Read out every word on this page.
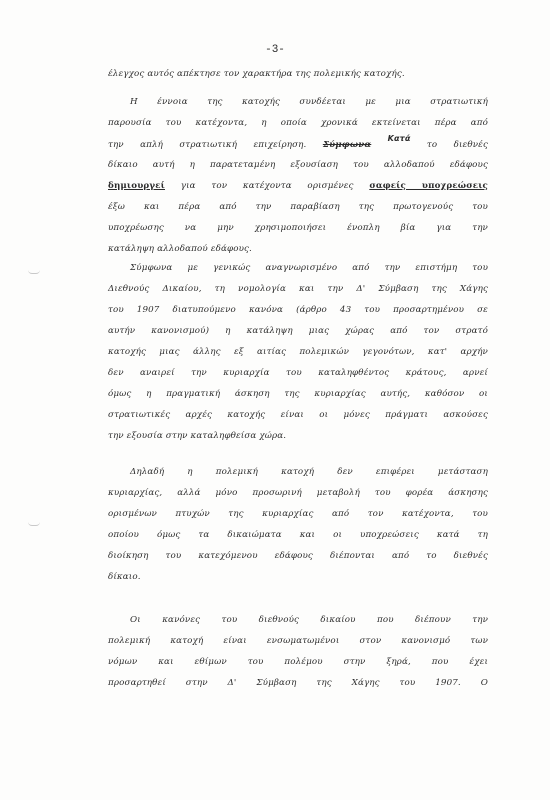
-3-
έλεγχος αυτός απέκτησε τον χαρακτήρα της πολεμικής κατοχής.
Η έννοια της κατοχής συνδέεται με μια στρατιωτική
παρουσία του κατέχοντα, η οποία χρονικά εκτείνεται πέρα από
την απλή στρατιωτική επιχείρηση. Σύμφωνα Κατά το διεθνές
δίκαιο αυτή η παρατεταμένη εξουσίαση του αλλοδαπού εδάφους
δημιουργεί για τον κατέχοντα ορισμένες σαφείς υποχρεώσεις
έξω και πέρα από την παραβίαση της πρωτογενούς του
υποχρέωσης να μην χρησιμοποιήσει ένοπλη βία για την
κατάληψη αλλοδαπού εδάφους.
Σύμφωνα με γενικώς αναγνωρισμένο από την επιστήμη του
Διεθνούς Δικαίου, τη νομολογία και την Δ' Σύμβαση της Χάγης
του 1907 διατυπούμενο κανόνα (άρθρο 43 του προσαρτημένου σε
αυτήν κανονισμού) η κατάληψη μιας χώρας από τον στρατό
κατοχής μιας άλλης εξ αιτίας πολεμικών γεγονότων, κατ' αρχήν
δεν αναιρεί την κυριαρχία του καταληφθέντος κράτους, αρνεί
όμως η πραγματική άσκηση της κυριαρχίας αυτής, καθόσον οι
στρατιωτικές αρχές κατοχής είναι οι μόνες πράγματι ασκούσες
την εξουσία στην καταληφθείσα χώρα.
Δηλαδή η πολεμική κατοχή δεν επιφέρει μετάσταση
κυριαρχίας, αλλά μόνο προσωρινή μεταβολή του φορέα άσκησης
ορισμένων πτυχών της κυριαρχίας από τον κατέχοντα, του
οποίου όμως τα δικαιώματα και οι υποχρεώσεις κατά τη
διοίκηση του κατεχόμενου εδάφους διέπονται από το διεθνές
δίκαιο.
Οι κανόνες του διεθνούς δικαίου που διέπουν την
πολεμική κατοχή είναι ενσωματωμένοι στον κανονισμό των
νόμων και εθίμων του πολέμου στην ξηρά, που έχει
προσαρτηθεί στην Δ' Σύμβαση της Χάγης του 1907. Ο
